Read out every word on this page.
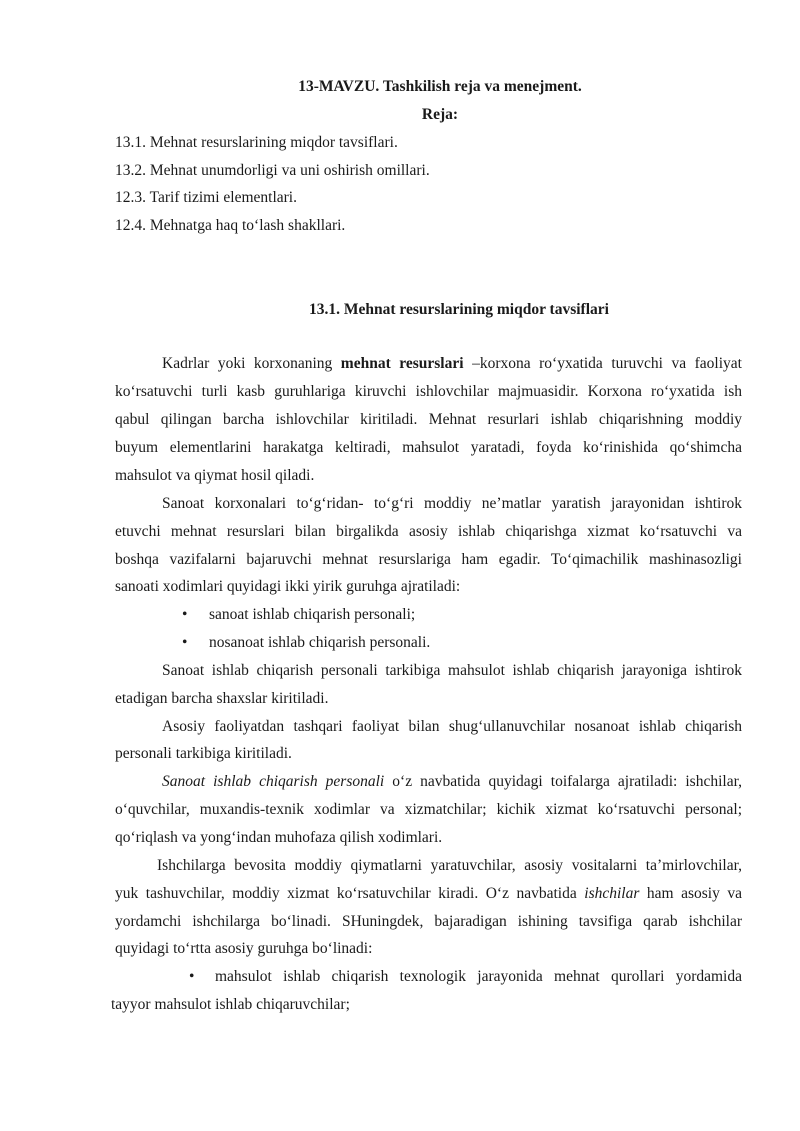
13-MAVZU. Tashkilish reja va menejment.
Reja:
13.1. Mehnat resurslarining miqdor tavsiflari.
13.2. Mehnat unumdorligi va uni oshirish omillari.
12.3. Tarif tizimi elementlari.
12.4. Mehnatga haq to‘lash shakllari.
13.1. Mehnat resurslarining miqdor tavsiflari
Kadrlar yoki korxonaning mehnat resurslari –korxona ro‘yxatida turuvchi va faoliyat
ko‘rsatuvchi turli kasb guruhlariga kiruvchi ishlovchilar majmuasidir. Korxona ro‘yxatida ish
qabul qilingan barcha ishlovchilar kiritiladi. Mehnat resurlari ishlab chiqarishning moddiy
buyum elementlarini harakatga keltiradi, mahsulot yaratadi, foyda ko‘rinishida qo‘shimcha
mahsulot va qiymat hosil qiladi.
Sanoat korxonalari to‘g‘ridan- to‘g‘ri moddiy ne’matlar yaratish jarayonidan ishtirok
etuvchi mehnat resurslari bilan birgalikda asosiy ishlab chiqarishga xizmat ko‘rsatuvchi va
boshqa vazifalarni bajaruvchi mehnat resurslariga ham egadir. To‘qimachilik mashinasozligi
sanoati xodimlari quyidagi ikki yirik guruhga ajratiladi:
• sanoat ishlab chiqarish personali;
• nosanoat ishlab chiqarish personali.
Sanoat ishlab chiqarish personali tarkibiga mahsulot ishlab chiqarish jarayoniga ishtirok
etadigan barcha shaxslar kiritiladi.
Asosiy faoliyatdan tashqari faoliyat bilan shug‘ullanuvchilar nosanoat ishlab chiqarish
personali tarkibiga kiritiladi.
Sanoat ishlab chiqarish personali o‘z navbatida quyidagi toifalarga ajratiladi: ishchilar,
o‘quvchilar, muxandis-texnik xodimlar va xizmatchilar; kichik xizmat ko‘rsatuvchi personal;
qo‘riqlash va yong‘indan muhofaza qilish xodimlari.
Ishchilarga bevosita moddiy qiymatlarni yaratuvchilar, asosiy vositalarni ta’mirlovchilar,
yuk tashuvchilar, moddiy xizmat ko‘rsatuvchilar kiradi. O‘z navbatida ishchilar ham asosiy va
yordamchi ishchilarga bo‘linadi. SHuningdek, bajaradigan ishining tavsifiga qarab ishchilar
quyidagi to‘rtta asosiy guruhga bo‘linadi:
• mahsulot ishlab chiqarish texnologik jarayonida mehnat qurollari yordamida
tayyor mahsulot ishlab chiqaruvchilar;
